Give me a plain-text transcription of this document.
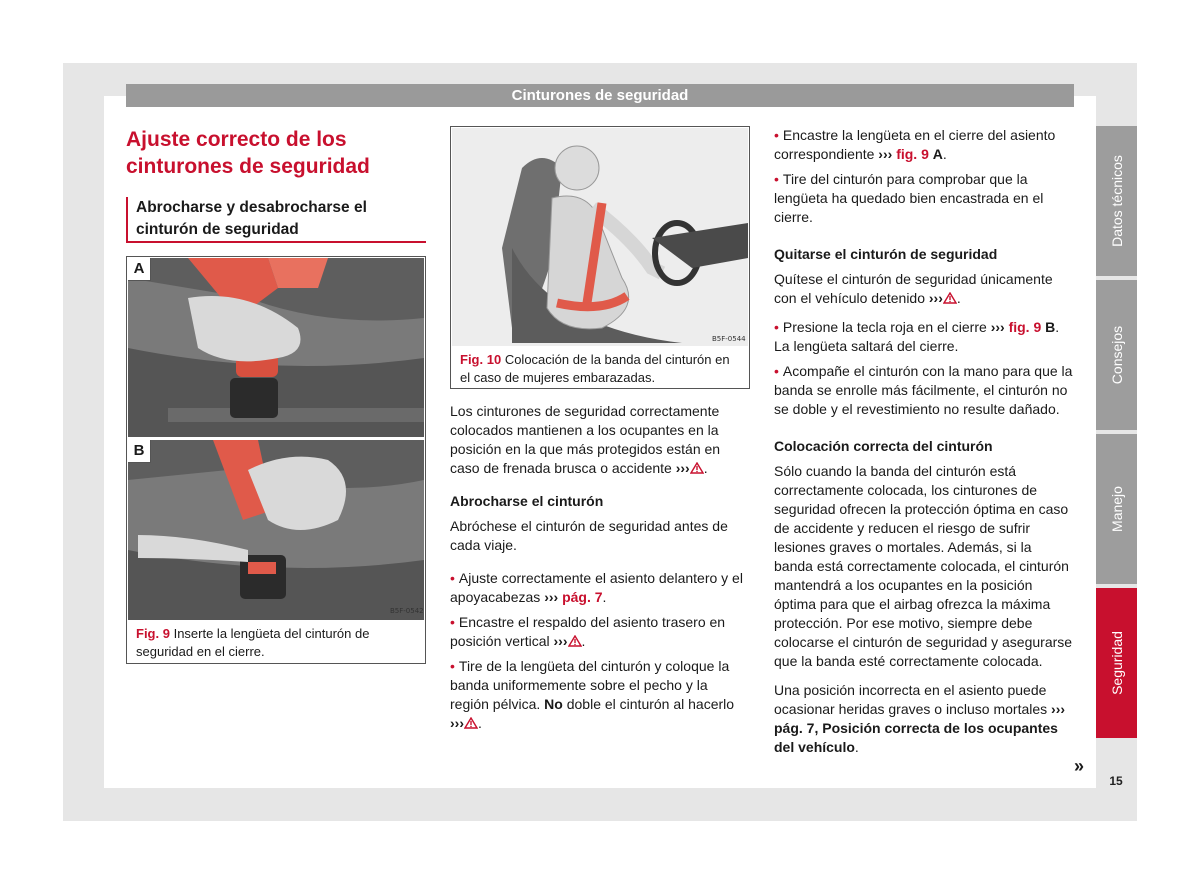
Cinturones de seguridad
Datos técnicos
Consejos
Manejo
Seguridad
15
Ajuste correcto de los cinturones de seguridad
Abrocharse y desabrocharse el cinturón de seguridad
A
B5F-0542
B
Fig. 9 Inserte la lengüeta del cinturón de seguridad en el cierre.
B5F-0544
Fig. 10 Colocación de la banda del cinturón en el caso de mujeres embarazadas.

Los cinturones de seguridad correctamente colocados mantienen a los ocupantes en la posición en la que más protegidos están en caso de frenada brusca o accidente ››› .

Abrocharse el cinturón

Abróchese el cinturón de seguridad antes de cada viaje.

• Ajuste correctamente el asiento delantero y el apoyacabezas ››› pág. 7.

• Encastre el respaldo del asiento trasero en posición vertical ››› .

• Tire de la lengüeta del cinturón y coloque la banda uniformemente sobre el pecho y la región pélvica. No doble el cinturón al hacerlo ››› .

• Encastre la lengüeta en el cierre del asiento correspondiente ››› fig. 9 A.

• Tire del cinturón para comprobar que la lengüeta ha quedado bien encastrada en el cierre.

Quitarse el cinturón de seguridad

Quítese el cinturón de seguridad únicamente con el vehículo detenido ››› .

• Presione la tecla roja en el cierre ››› fig. 9 B. La lengüeta saltará del cierre.

• Acompañe el cinturón con la mano para que la banda se enrolle más fácilmente, el cinturón no se doble y el revestimiento no resulte dañado.

Colocación correcta del cinturón

Sólo cuando la banda del cinturón está correctamente colocada, los cinturones de seguridad ofrecen la protección óptima en caso de accidente y reducen el riesgo de sufrir lesiones graves o mortales. Además, si la banda está correctamente colocada, el cinturón mantendrá a los ocupantes en la posición óptima para que el airbag ofrezca la máxima protección. Por ese motivo, siempre debe colocarse el cinturón de seguridad y asegurarse que la banda esté correctamente colocada.

Una posición incorrecta en el asiento puede ocasionar heridas graves o incluso mortales ››› pág. 7, Posición correcta de los ocupantes del vehículo.

»
